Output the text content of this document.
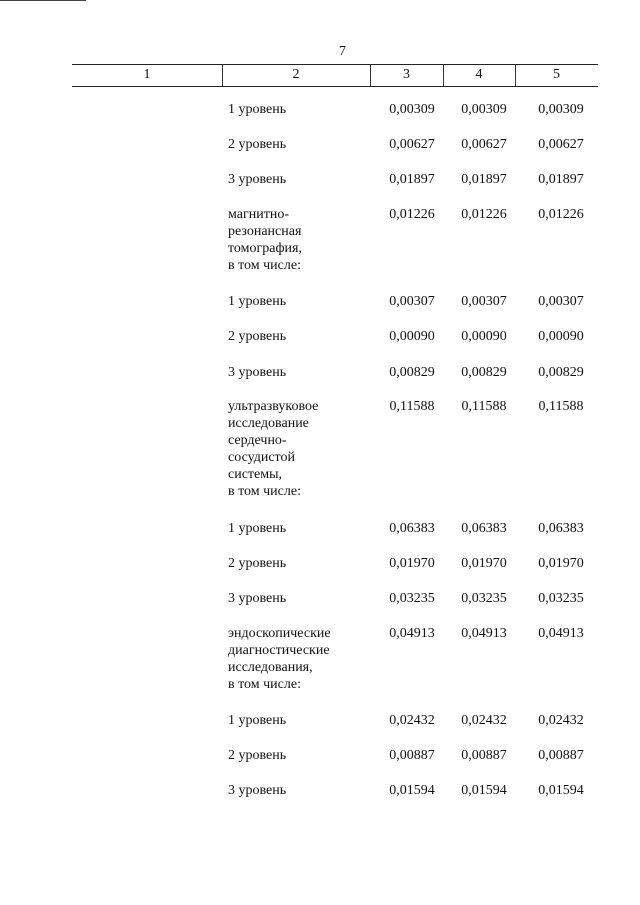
7
1	2	3	4	5
1 уровень	0,00309	0,00309	0,00309
2 уровень	0,00627	0,00627	0,00627
3 уровень	0,01897	0,01897	0,01897
магнитно-
резонансная
томография,
в том числе:
0,01226	0,01226	0,01226
1 уровень	0,00307	0,00307	0,00307
2 уровень	0,00090	0,00090	0,00090
3 уровень	0,00829	0,00829	0,00829
ультразвуковое
исследование
сердечно-
сосудистой
системы,
в том числе:
0,11588	0,11588	0,11588
1 уровень	0,06383	0,06383	0,06383
2 уровень	0,01970	0,01970	0,01970
3 уровень	0,03235	0,03235	0,03235
эндоскопические
диагностические
исследования,
в том числе:
0,04913	0,04913	0,04913
1 уровень	0,02432	0,02432	0,02432
2 уровень	0,00887	0,00887	0,00887
3 уровень	0,01594	0,01594	0,01594
